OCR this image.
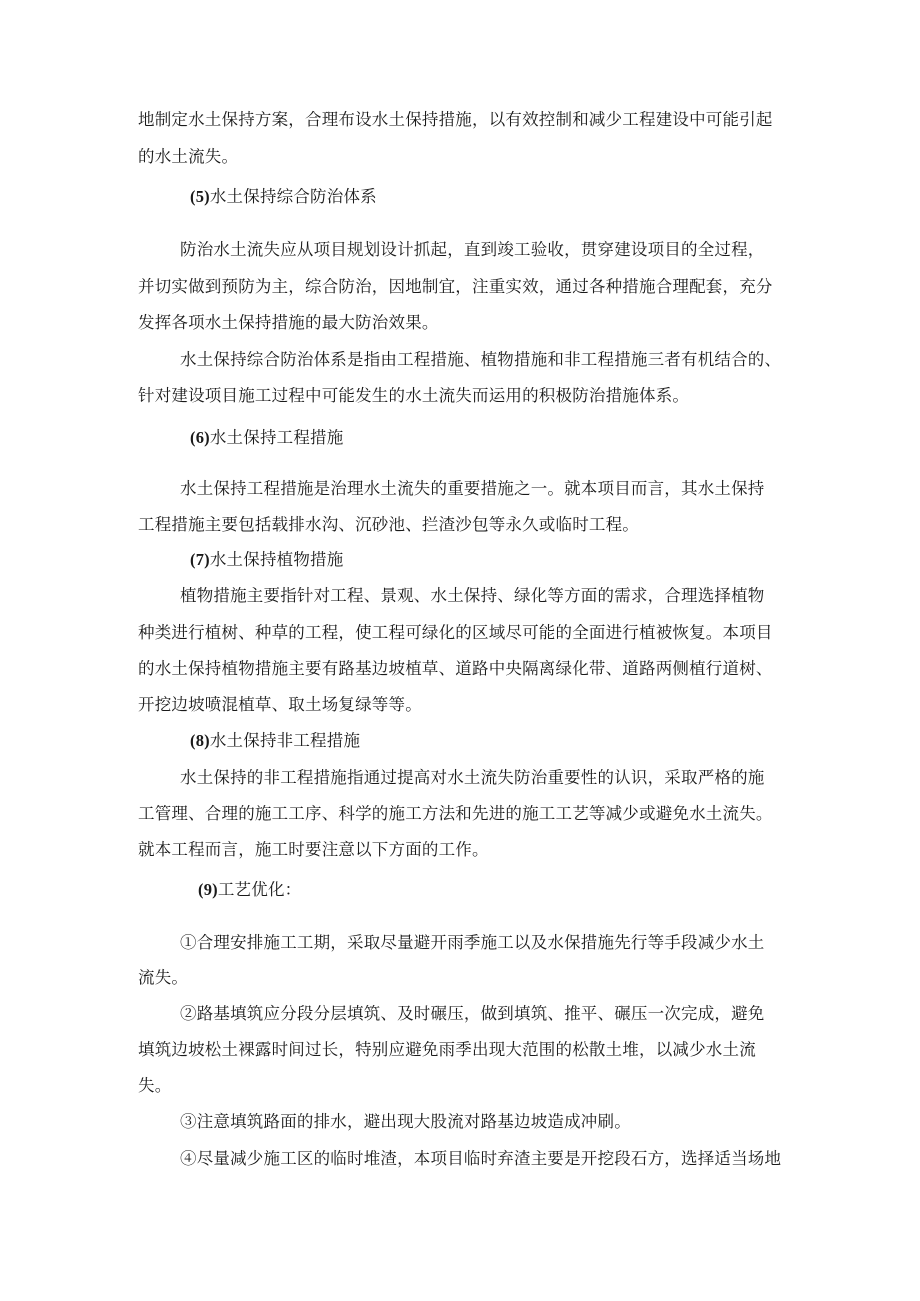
地制定水土保持方案，合理布设水土保持措施，以有效控制和减少工程建设中可能引起
的水土流失。
(5)水土保持综合防治体系
防治水土流失应从项目规划设计抓起，直到竣工验收，贯穿建设项目的全过程，
并切实做到预防为主，综合防治，因地制宜，注重实效，通过各种措施合理配套，充分
发挥各项水土保持措施的最大防治效果。
水土保持综合防治体系是指由工程措施、植物措施和非工程措施三者有机结合的、
针对建设项目施工过程中可能发生的水土流失而运用的积极防治措施体系。
(6)水土保持工程措施
水土保持工程措施是治理水土流失的重要措施之一。就本项目而言，其水土保持
工程措施主要包括载排水沟、沉砂池、拦渣沙包等永久或临时工程。
(7)水土保持植物措施
植物措施主要指针对工程、景观、水土保持、绿化等方面的需求，合理选择植物
种类进行植树、种草的工程，使工程可绿化的区域尽可能的全面进行植被恢复。本项目
的水土保持植物措施主要有路基边坡植草、道路中央隔离绿化带、道路两侧植行道树、
开挖边坡喷混植草、取土场复绿等等。
(8)水土保持非工程措施
水土保持的非工程措施指通过提高对水土流失防治重要性的认识，采取严格的施
工管理、合理的施工工序、科学的施工方法和先进的施工工艺等减少或避免水土流失。
就本工程而言，施工时要注意以下方面的工作。
(9)工艺优化：
①合理安排施工工期，采取尽量避开雨季施工以及水保措施先行等手段减少水土
流失。
②路基填筑应分段分层填筑、及时碾压，做到填筑、推平、碾压一次完成，避免
填筑边坡松土裸露时间过长，特别应避免雨季出现大范围的松散土堆，以减少水土流
失。
③注意填筑路面的排水，避出现大股流对路基边坡造成冲刷。
④尽量减少施工区的临时堆渣，本项目临时弃渣主要是开挖段石方，选择适当场地
